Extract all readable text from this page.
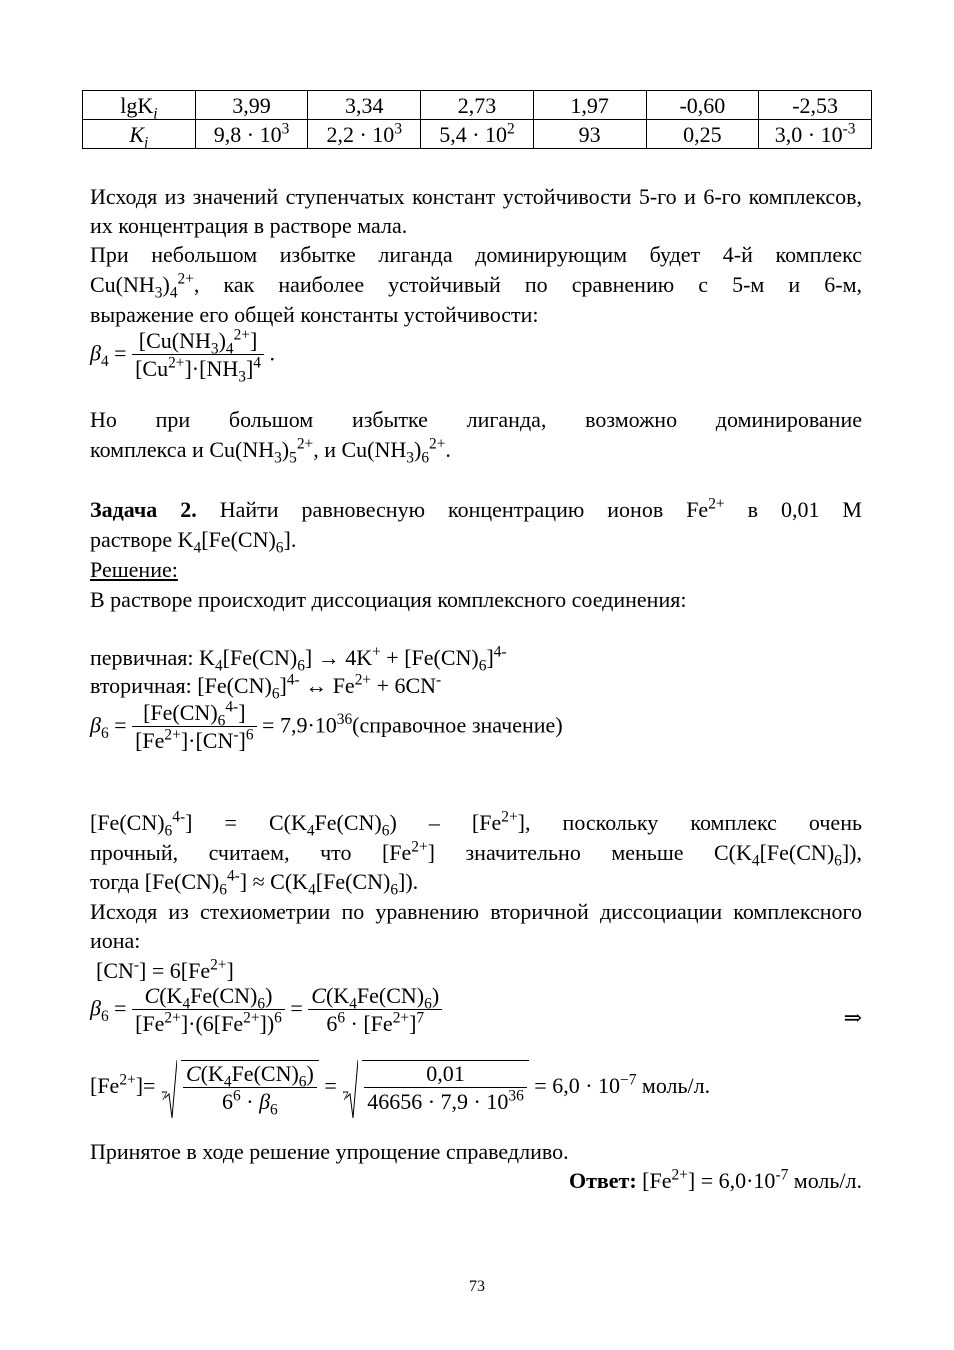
lgK$_i$	3,99	3,34	2,73	1,97	-0,60	-2,53
$K_i$	$9,8 \cdot 10^3$	$2,2 \cdot 10^3$	$5,4 \cdot 10^2$	93	0,25	$3,0 \cdot 10^{-3}$
Исходя из значений ступенчатых констант устойчивости 5-го и 6-го комплексов, их концентрация в растворе мала.
При небольшом избытке лиганда доминирующим будет 4-й комплекс
$Cu(NH_3)_4^{2+}$, как наиболее устойчивый по сравнению с 5-м и 6-м,
выражение его общей константы устойчивости:
$\beta_4 = \frac{[Cu(NH_3)_4^{2+}]}{[Cu^{2+}]\cdot[NH_3]^4}$ .
Но при большом избытке лиганда, возможно доминирование
комплекса и $Cu(NH_3)_5^{2+}$, и $Cu(NH_3)_6^{2+}$.
Задача 2. Найти равновесную концентрацию ионов $Fe^{2+}$ в 0,01 М
растворе $K_4[Fe(CN)_6]$.
Решение:
В растворе происходит диссоциация комплексного соединения:
первичная: $K_4[Fe(CN)_6] \to 4K^+ + [Fe(CN)_6]^{4-}$
вторичная: $[Fe(CN)_6]^{4-}$ ↔ $Fe^{2+} + 6CN^-$
$\beta_6 = \frac{[Fe(CN)_6^{4-}]}{[Fe^{2+}]\cdot[CN^-]^6}$ = $7,9\cdot 10^{36}(справочное$ значение)
$[Fe(CN)_6^{4-}] = C(K_4Fe(CN)_6) - [Fe^{2+}]$, поскольку комплекс очень
прочный, считаем, что $[Fe^{2+}]$ значительно меньше $C(K_4[Fe(CN)_6])$,
тогда $[Fe(CN)_6^{4-}] \approx C(K_4[Fe(CN)_6])$.
Исходя из стехиометрии по уравнению вторичной диссоциации комплексного иона:
$[CN^-] = 6[Fe^{2+}]$
$\beta_6 = \frac{C(K_4Fe(CN)_6)}{[Fe^{2+}]\cdot(6[Fe^{2+}])^6} = \frac{C(K_4Fe(CN)_6)}{6^6 \cdot [Fe^{2+}]^7}$	⇒
$[Fe^{2+}]= 7 \frac{C(K_4Fe(CN)_6)}{6^6 \cdot \beta_6} = 7 \frac{0,01}{46656 \cdot 7,9 \cdot 10^{36}} = 6,0 \cdot 10^{-7}$ моль/л.
Принятое в ходе решение упрощение справедливо.
Ответ: $[Fe^{2+}] = 6,0\cdot 10^{-7}$ моль/л.
73
